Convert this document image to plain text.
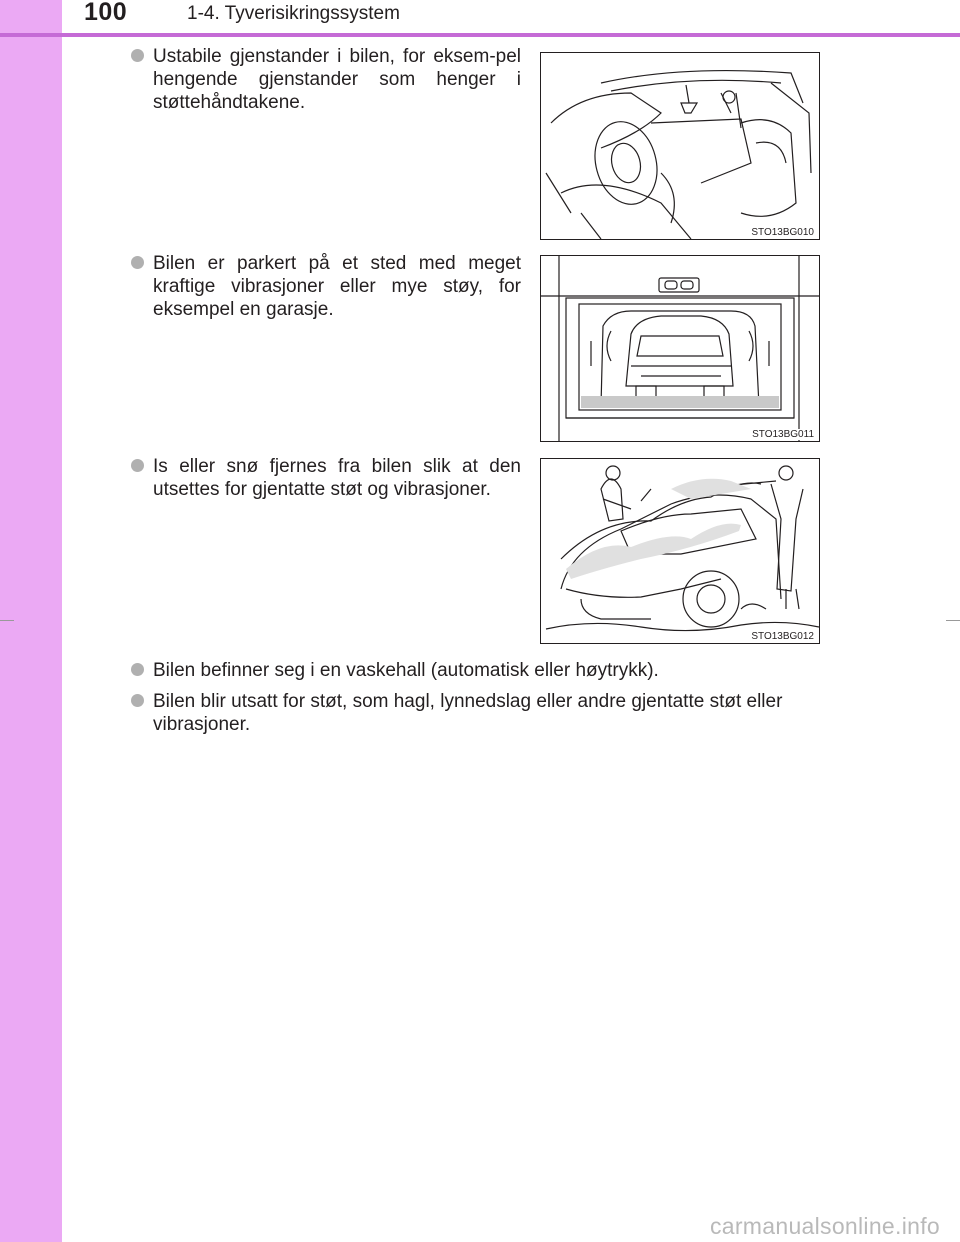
100	1-4. Tyverisikringssystem
Ustabile gjenstander i bilen, for eksem-pel hengende gjenstander som henger i støttehåndtakene.
STO13BG010
Bilen er parkert på et sted med meget kraftige vibrasjoner eller mye støy, for eksempel en garasje.
STO13BG011
Is eller snø fjernes fra bilen slik at den utsettes for gjentatte støt og vibrasjoner.
STO13BG012
Bilen befinner seg i en vaskehall (automatisk eller høytrykk).
Bilen blir utsatt for støt, som hagl, lynnedslag eller andre gjentatte støt eller vibrasjoner.
carmanualsonline.info
